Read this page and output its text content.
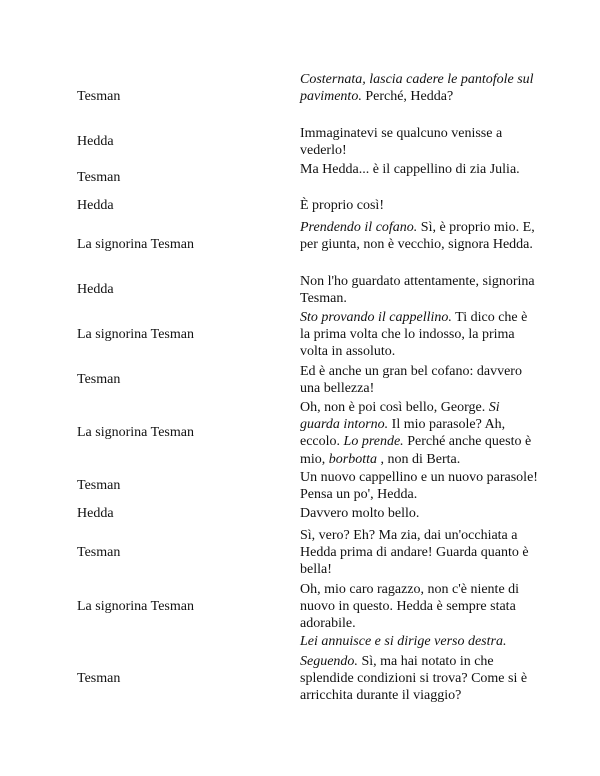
Tesman
Costernata, lascia cadere le pantofole sul pavimento. Perché, Hedda?
Hedda
Immaginatevi se qualcuno venisse a vederlo!
Tesman
Ma Hedda... è il cappellino di zia Julia.
Hedda	È proprio così!
La signorina Tesman
Prendendo il cofano. Sì, è proprio mio. E, per giunta, non è vecchio, signora Hedda.
Hedda
Non l'ho guardato attentamente, signorina Tesman.
La signorina Tesman
Sto provando il cappellino. Ti dico che è la prima volta che lo indosso, la prima volta in assoluto.
Tesman
Ed è anche un gran bel cofano: davvero una bellezza!
La signorina Tesman
Oh, non è poi così bello, George. Si guarda intorno. Il mio parasole? Ah, eccolo. Lo prende. Perché anche questo è mio, borbotta , non di Berta.
Tesman
Un nuovo cappellino e un nuovo parasole! Pensa un po', Hedda.
Hedda	Davvero molto bello.
Tesman
Sì, vero? Eh? Ma zia, dai un'occhiata a Hedda prima di andare! Guarda quanto è bella!
La signorina Tesman
Oh, mio caro ragazzo, non c'è niente di nuovo in questo. Hedda è sempre stata adorabile.
Lei annuisce e si dirige verso destra.
Tesman
Seguendo. Sì, ma hai notato in che splendide condizioni si trova? Come si è arricchita durante il viaggio?
